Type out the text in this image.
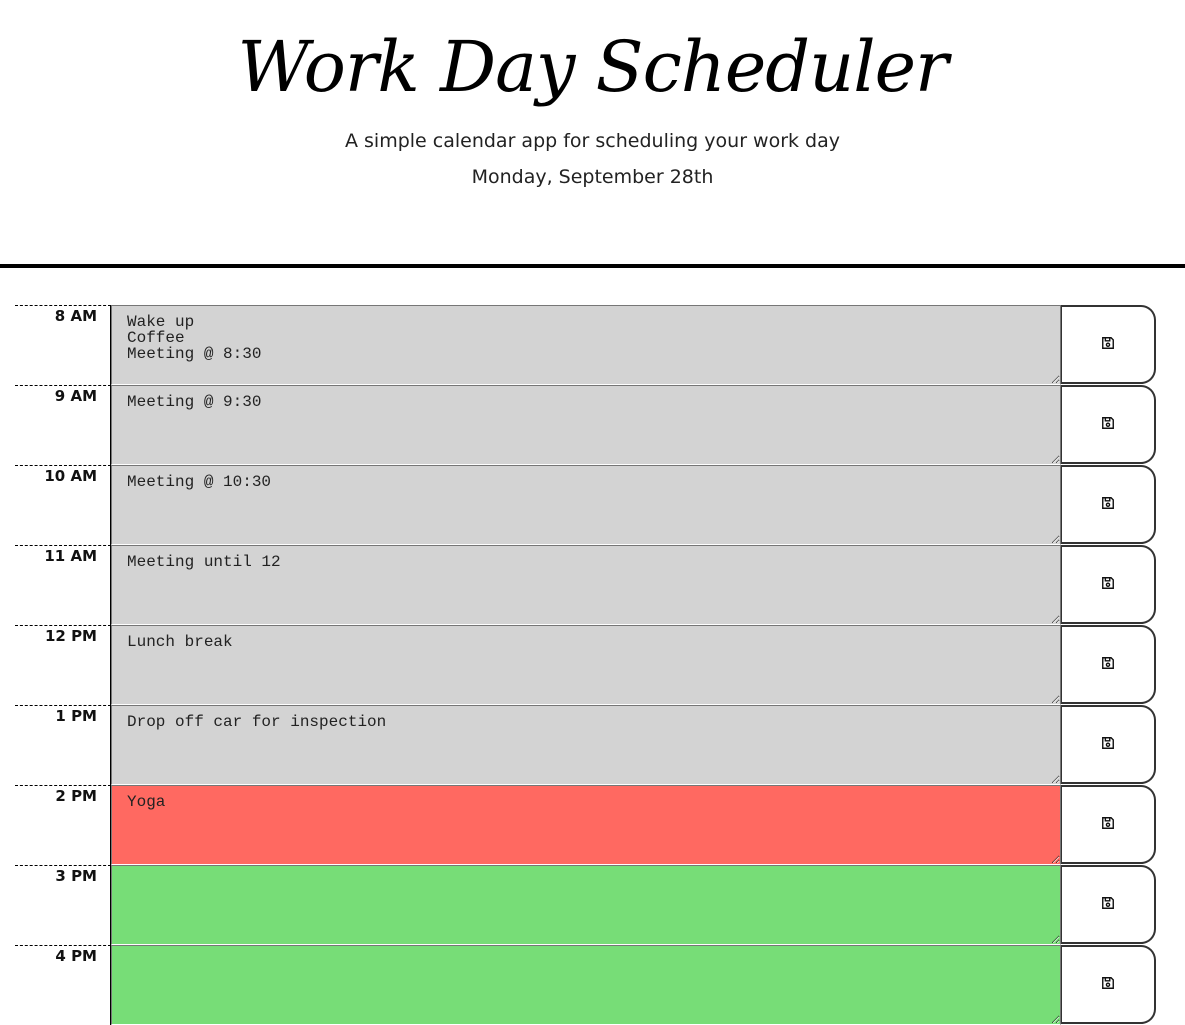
Work Day Scheduler
A simple calendar app for scheduling your work day
Monday, September 28th
8 AM
Wake up Coffee Meeting @ 8:30
9 AM
Meeting @ 9:30
10 AM
Meeting @ 10:30
11 AM
Meeting until 12
12 PM
Lunch break
1 PM
Drop off car for inspection
2 PM
Yoga
3 PM
4 PM
